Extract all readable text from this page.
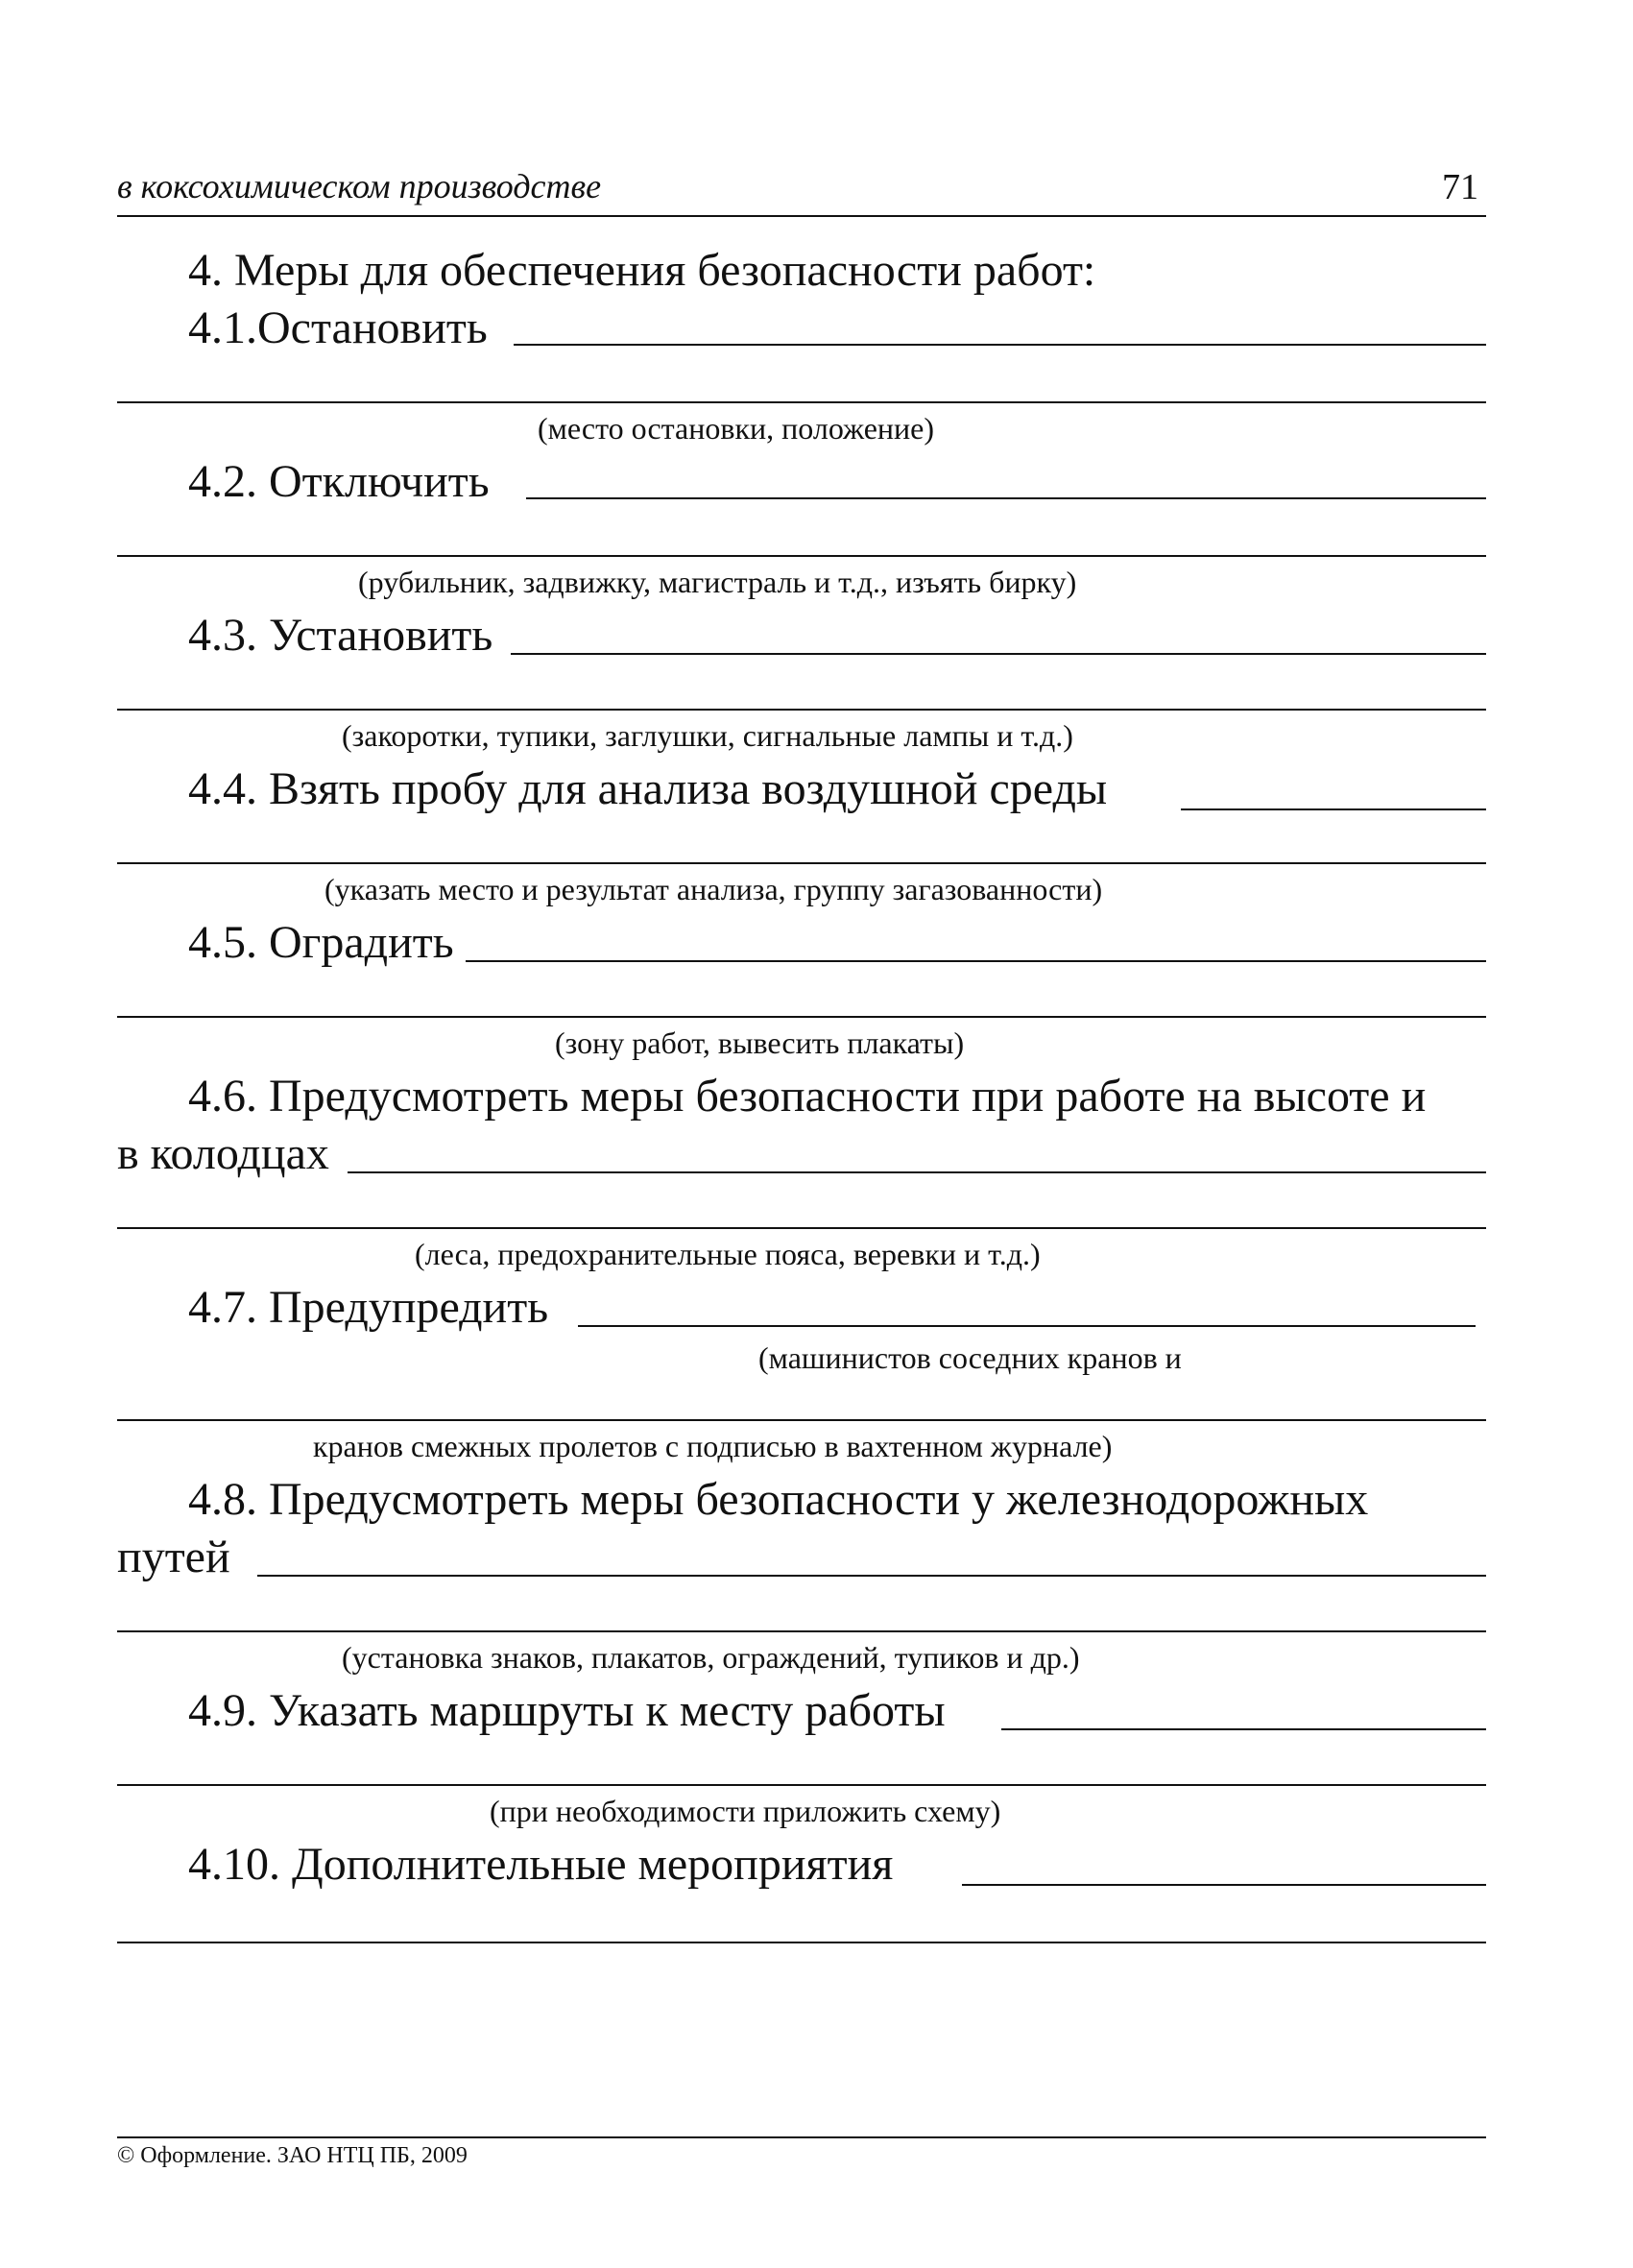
в коксохимическом производстве	71
4. Меры для обеспечения безопасности работ:
4.1.Остановить
(место остановки, положение)
4.2. Отключить
(рубильник, задвижку, магистраль и т.д., изъять бирку)
4.3. Установить
(закоротки, тупики, заглушки, сигнальные лампы и т.д.)
4.4. Взять пробу для анализа воздушной среды
(указать место и результат анализа, группу загазованности)
4.5. Оградить
(зону работ, вывесить плакаты)
4.6. Предусмотреть меры безопасности при работе на высоте и
в колодцах
(леса, предохранительные пояса, веревки и т.д.)
4.7. Предупредить
(машинистов соседних кранов и
кранов смежных пролетов с подписью в вахтенном журнале)
4.8. Предусмотреть меры безопасности у железнодорожных
путей
(установка знаков, плакатов, ограждений, тупиков и др.)
4.9. Указать маршруты к месту работы
(при необходимости приложить схему)
4.10. Дополнительные мероприятия
© Оформление. ЗАО НТЦ ПБ, 2009
